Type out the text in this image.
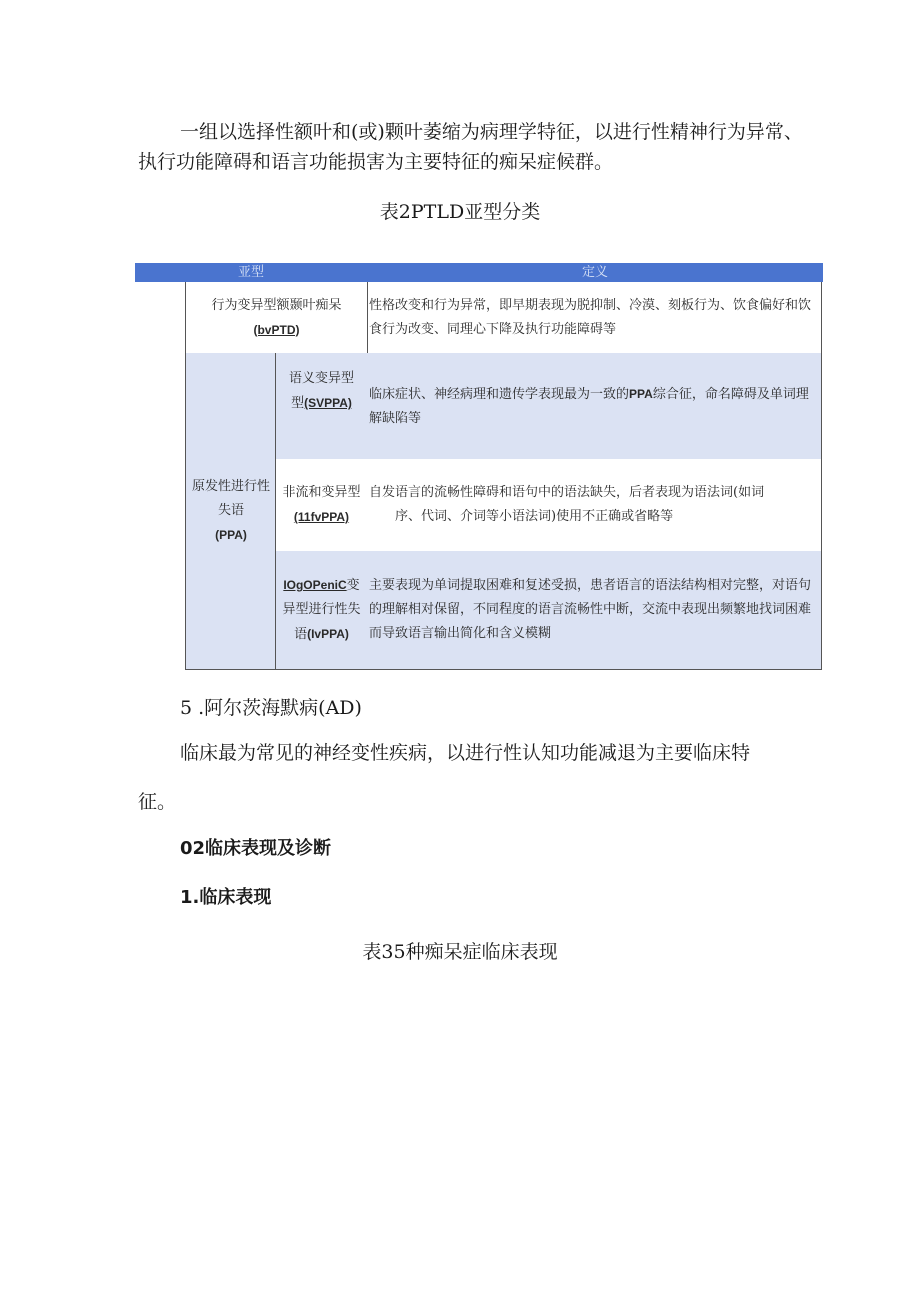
一组以选择性额叶和(或)颗叶萎缩为病理学特征，以进行性精神行为异常、执行功能障碍和语言功能损害为主要特征的痴呆症候群。

表2PTLD亚型分类

亚型	定义
行为变异型额颞叶痴呆
(bvPTD)
性格改变和行为异常，即早期表现为脱抑制、冷漠、刻板行为、饮食偏好和饮食行为改变、同理心下降及执行功能障碍等
原发性进行性失语
(PPA)
语义变异型
型(SVPPA)
临床症状、神经病理和遗传学表现最为一致的PPA综合征，命名障碍及单词理解缺陷等
非流和变异型
(11fvPPA)
自发语言的流畅性障碍和语句中的语法缺失，后者表现为语法词(如词
序、代词、介词等小语法词)使用不正确或省略等
IOgOPeniC变
异型进行性失
语(IvPPA)
主要表现为单词提取困难和复述受损，患者语言的语法结构相对完整，对语句的理解相对保留，不同程度的语言流畅性中断，交流中表现出频繁地找词困难而导致语言输出简化和含义模糊

5 .阿尔茨海默病(AD)

临床最为常见的神经变性疾病，以进行性认知功能减退为主要临床特

征。

02临床表现及诊断

1.临床表现

表35种痴呆症临床表现
